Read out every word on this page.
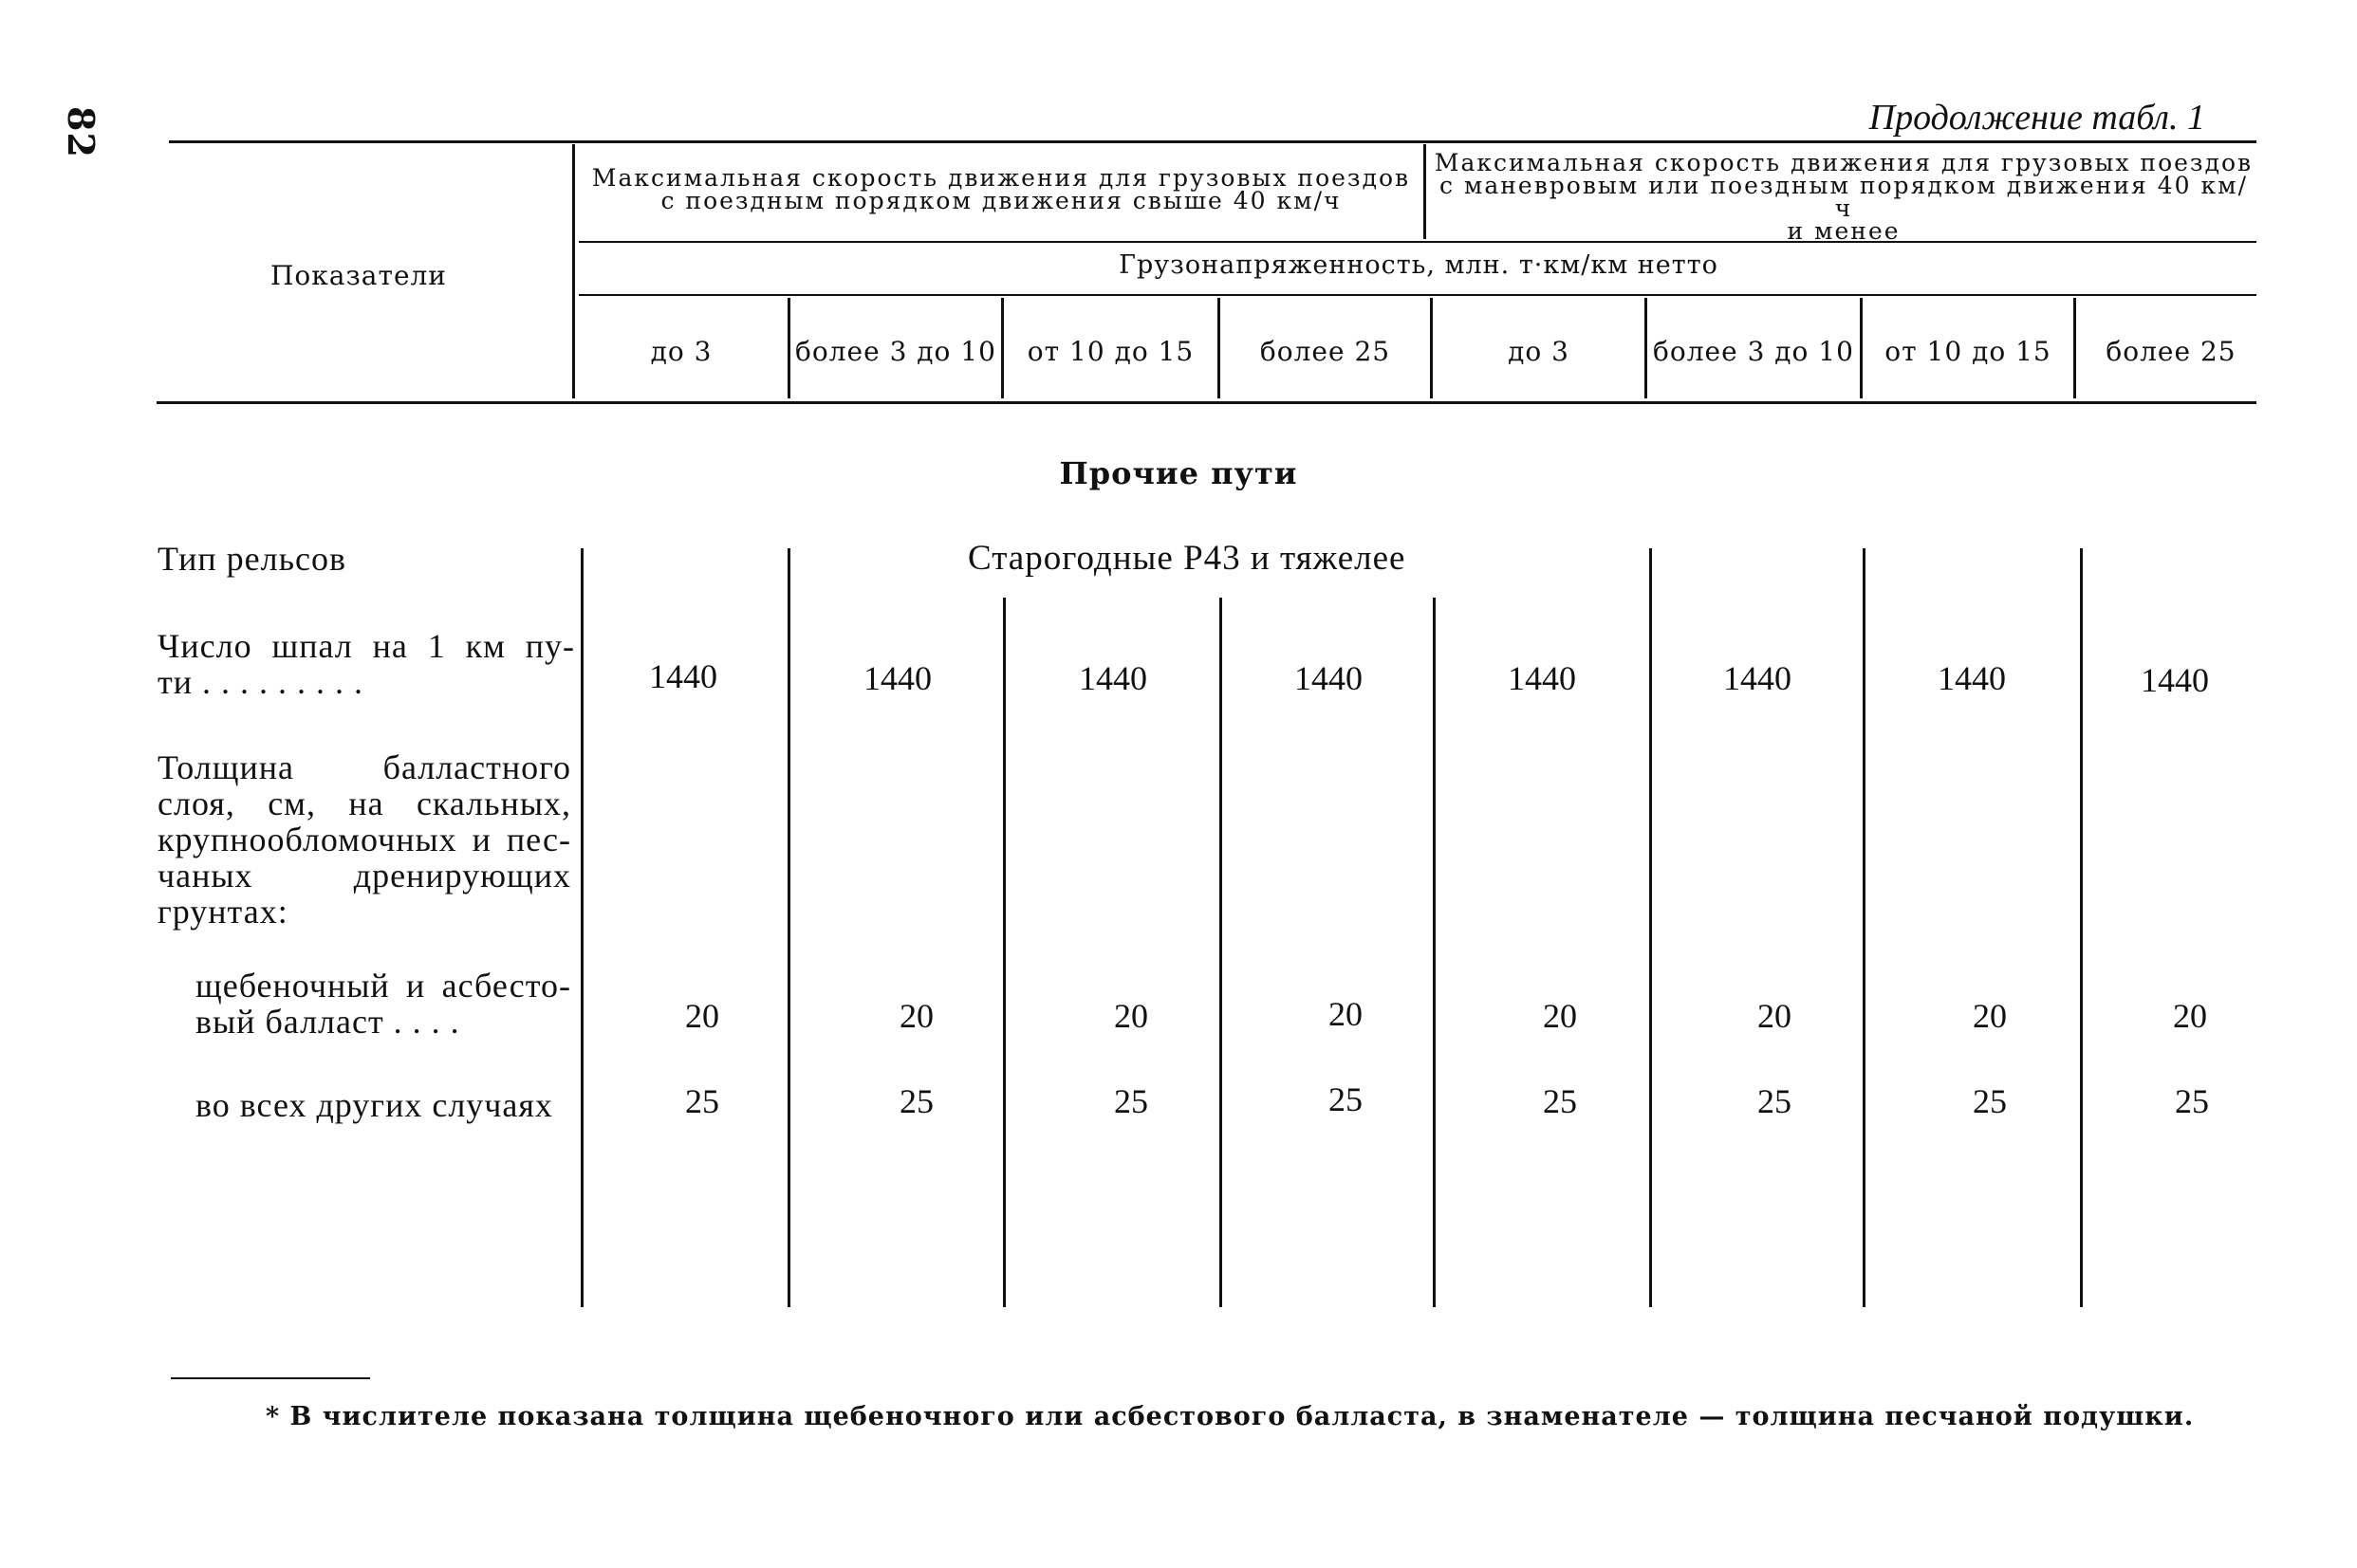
82	Продолжение табл. 1
Показатели
Максимальная скорость движения для грузовых поездов
с поездным порядком движения свыше 40 км/ч
Максимальная скорость движения для грузовых поездов
с маневровым или поездным порядком движения 40 км/ч
и менее
Грузонапряженность, млн. т·км/км нетто
до 3	более 3 до 10	от 10 до 15	более 25	до 3	более 3 до 10	от 10 до 15	более 25
Прочие пути
Тип рельсов	Старогодные Р43 и тяжелее
Число шпал на 1 км пу-
ти . . . . . . . . .	1440	1440	1440	1440	1440	1440	1440	1440
Толщина балластного
слоя, см, на скальных,
крупнообломочных и пес-
чаных дренирующих
грунтах:
щебеночный и асбесто-
вый балласт . . . .	20	20	20	20	20	20	20	20
во всех других случаях	25	25	25	25	25	25	25	25
* В числителе показана толщина щебеночного или асбестового балласта, в знаменателе — толщина песчаной подушки.
